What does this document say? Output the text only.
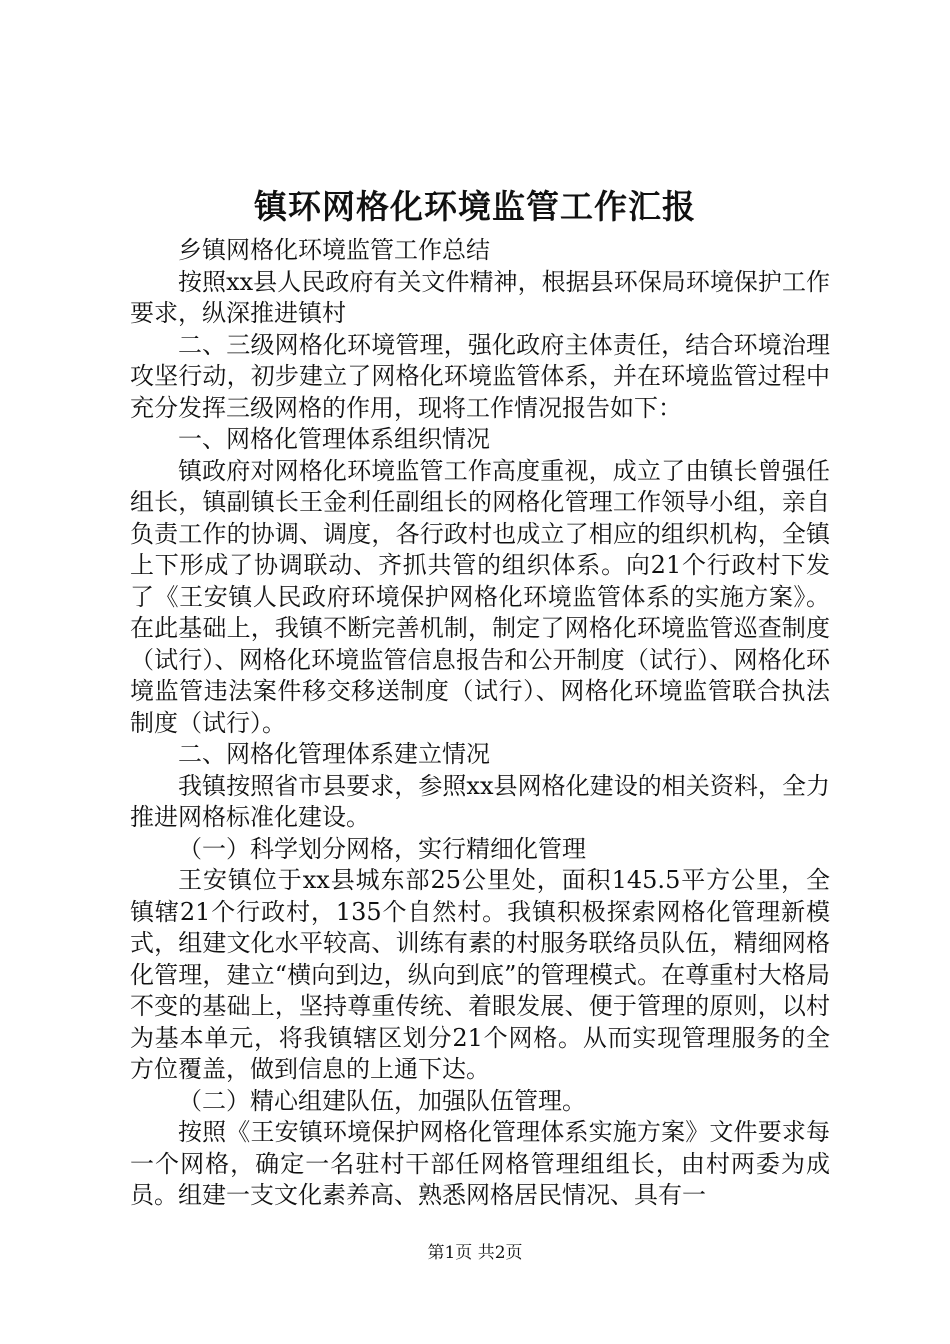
镇环网格化环境监管工作汇报

乡镇网格化环境监管工作总结

按照xx县人民政府有关文件精神，根据县环保局环境保护工作要求，纵深推进镇村

二、三级网格化环境管理，强化政府主体责任，结合环境治理攻坚行动，初步建立了网格化环境监管体系，并在环境监管过程中充分发挥三级网格的作用，现将工作情况报告如下：

一、网格化管理体系组织情况

镇政府对网格化环境监管工作高度重视，成立了由镇长曾强任组长，镇副镇长王金利任副组长的网格化管理工作领导小组，亲自负责工作的协调、调度，各行政村也成立了相应的组织机构，全镇上下形成了协调联动、齐抓共管的组织体系。向21个行政村下发了《王安镇人民政府环境保护网格化环境监管体系的实施方案》。在此基础上，我镇不断完善机制，制定了网格化环境监管巡查制度（试行）、网格化环境监管信息报告和公开制度（试行）、网格化环境监管违法案件移交移送制度（试行）、网格化环境监管联合执法制度（试行）。

二、网格化管理体系建立情况

我镇按照省市县要求，参照xx县网格化建设的相关资料，全力推进网格标准化建设。

（一）科学划分网格，实行精细化管理

王安镇位于xx县城东部25公里处，面积145.5平方公里，全镇辖21个行政村，135个自然村。我镇积极探索网格化管理新模式，组建文化水平较高、训练有素的村服务联络员队伍，精细网格化管理，建立“横向到边，纵向到底”的管理模式。在尊重村大格局不变的基础上，坚持尊重传统、着眼发展、便于管理的原则，以村为基本单元，将我镇辖区划分21个网格。从而实现管理服务的全方位覆盖，做到信息的上通下达。

（二）精心组建队伍，加强队伍管理。

按照《王安镇环境保护网格化管理体系实施方案》文件要求每一个网格，确定一名驻村干部任网格管理组组长，由村两委为成员。组建一支文化素养高、熟悉网格居民情况、具有一

第1页 共2页
